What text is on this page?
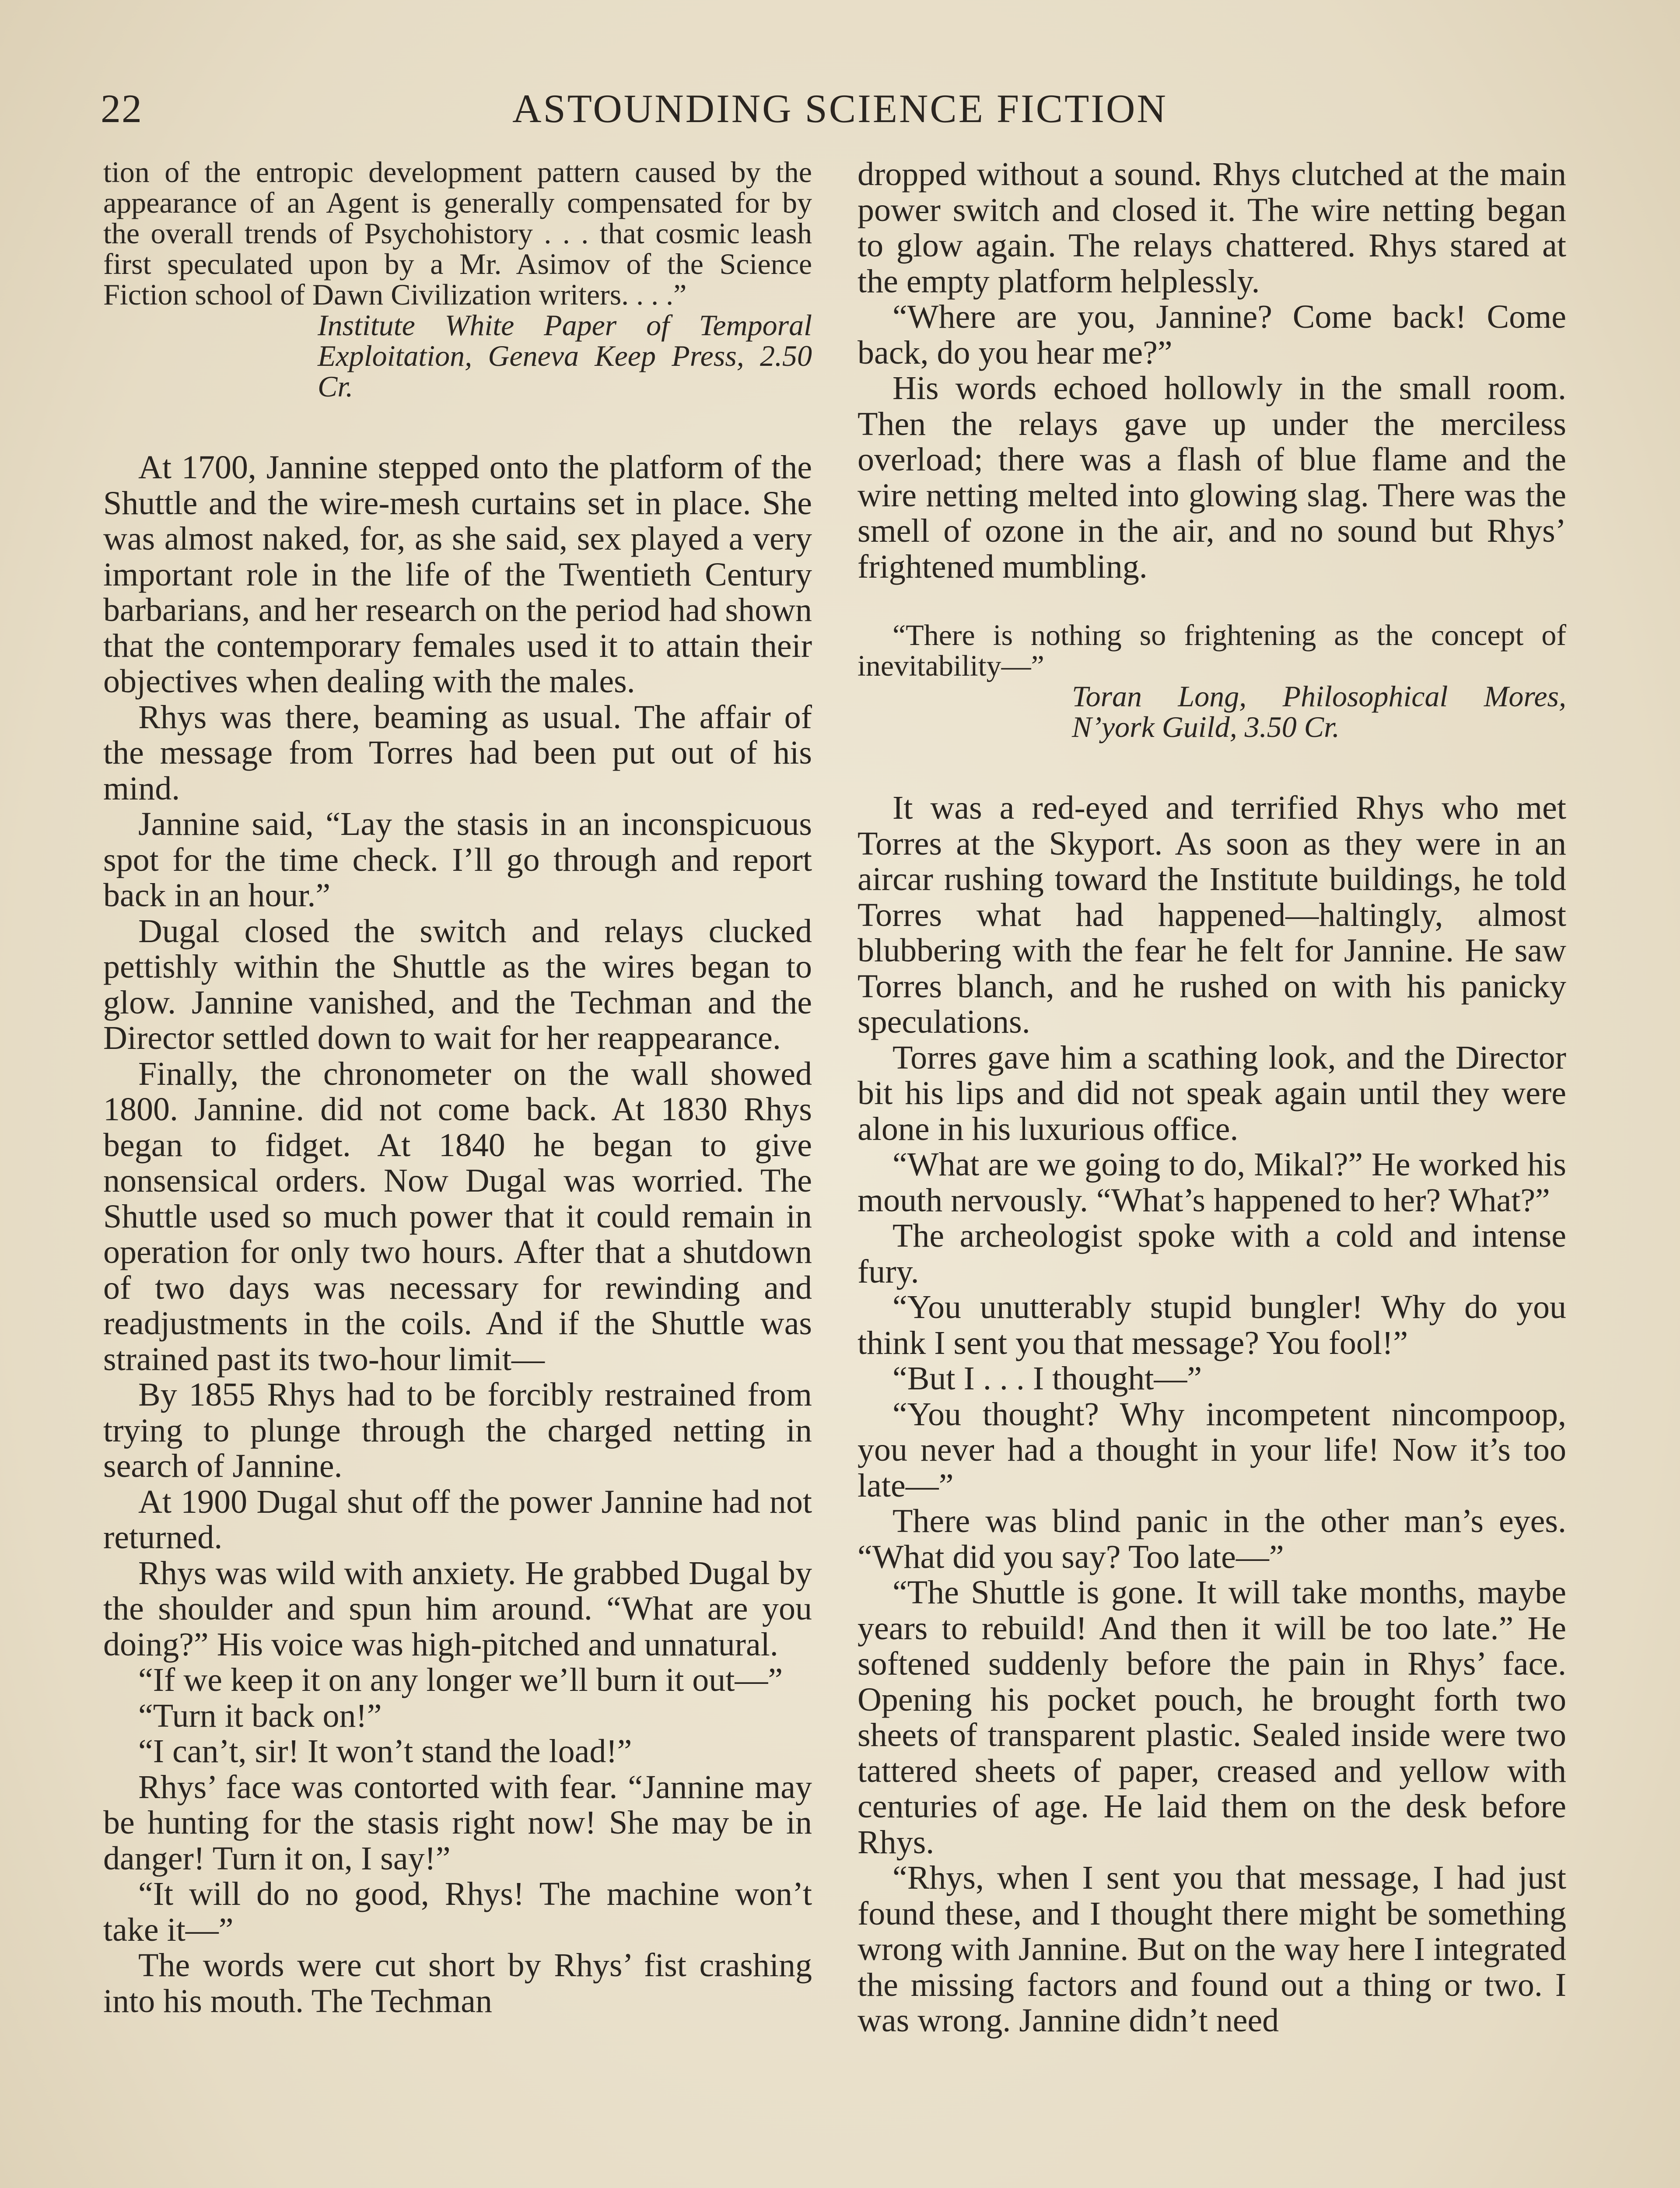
22	ASTOUNDING SCIENCE FICTION

tion of the entropic development pattern caused by the appearance of an Agent is generally compensated for by the overall trends of Psychohistory . . . that cosmic leash first speculated upon by a Mr. Asimov of the Science Fiction school of Dawn Civilization writers. . . .”

Institute White Paper of Temporal Exploitation, Geneva Keep Press, 2.50 Cr.

At 1700, Jannine stepped onto the platform of the Shuttle and the wire-mesh curtains set in place. She was almost naked, for, as she said, sex played a very important role in the life of the Twentieth Century barbarians, and her research on the period had shown that the contemporary females used it to attain their objectives when dealing with the males.

Rhys was there, beaming as usual. The affair of the message from Torres had been put out of his mind.

Jannine said, “Lay the stasis in an inconspicuous spot for the time check. I’ll go through and report back in an hour.”

Dugal closed the switch and relays clucked pettishly within the Shuttle as the wires began to glow. Jannine vanished, and the Techman and the Director settled down to wait for her reappearance.

Finally, the chronometer on the wall showed 1800. Jannine. did not come back. At 1830 Rhys began to fidget. At 1840 he began to give nonsensical orders. Now Dugal was worried. The Shuttle used so much power that it could remain in operation for only two hours. After that a shutdown of two days was necessary for rewinding and readjustments in the coils. And if the Shuttle was strained past its two-hour limit—

By 1855 Rhys had to be forcibly restrained from trying to plunge through the charged netting in search of Jannine.

At 1900 Dugal shut off the power Jannine had not returned.

Rhys was wild with anxiety. He grabbed Dugal by the shoulder and spun him around. “What are you doing?” His voice was high-pitched and unnatural.

“If we keep it on any longer we’ll burn it out—”

“Turn it back on!”

“I can’t, sir! It won’t stand the load!”

Rhys’ face was contorted with fear. “Jannine may be hunting for the stasis right now! She may be in danger! Turn it on, I say!”

“It will do no good, Rhys! The machine won’t take it—”

The words were cut short by Rhys’ fist crashing into his mouth. The Techman

dropped without a sound. Rhys clutched at the main power switch and closed it. The wire netting began to glow again. The relays chattered. Rhys stared at the empty platform helplessly.

“Where are you, Jannine? Come back! Come back, do you hear me?”

His words echoed hollowly in the small room. Then the relays gave up under the merciless overload; there was a flash of blue flame and the wire netting melted into glowing slag. There was the smell of ozone in the air, and no sound but Rhys’ frightened mumbling.

“There is nothing so frightening as the concept of inevitability—”

Toran Long, Philosophical Mores, N’york Guild, 3.50 Cr.

It was a red-eyed and terrified Rhys who met Torres at the Skyport. As soon as they were in an aircar rushing toward the Institute buildings, he told Torres what had happened—haltingly, almost blubbering with the fear he felt for Jannine. He saw Torres blanch, and he rushed on with his panicky speculations.

Torres gave him a scathing look, and the Director bit his lips and did not speak again until they were alone in his luxurious office.

“What are we going to do, Mikal?” He worked his mouth nervously. “What’s happened to her? What?”

The archeologist spoke with a cold and intense fury.

“You unutterably stupid bungler! Why do you think I sent you that message? You fool!”

“But I . . . I thought—”

“You thought? Why incompetent nincompoop, you never had a thought in your life! Now it’s too late—”

There was blind panic in the other man’s eyes. “What did you say? Too late—”

“The Shuttle is gone. It will take months, maybe years to rebuild! And then it will be too late.” He softened suddenly before the pain in Rhys’ face. Opening his pocket pouch, he brought forth two sheets of transparent plastic. Sealed inside were two tattered sheets of paper, creased and yellow with centuries of age. He laid them on the desk before Rhys.

“Rhys, when I sent you that message, I had just found these, and I thought there might be something wrong with Jannine. But on the way here I integrated the missing factors and found out a thing or two. I was wrong. Jannine didn’t need
